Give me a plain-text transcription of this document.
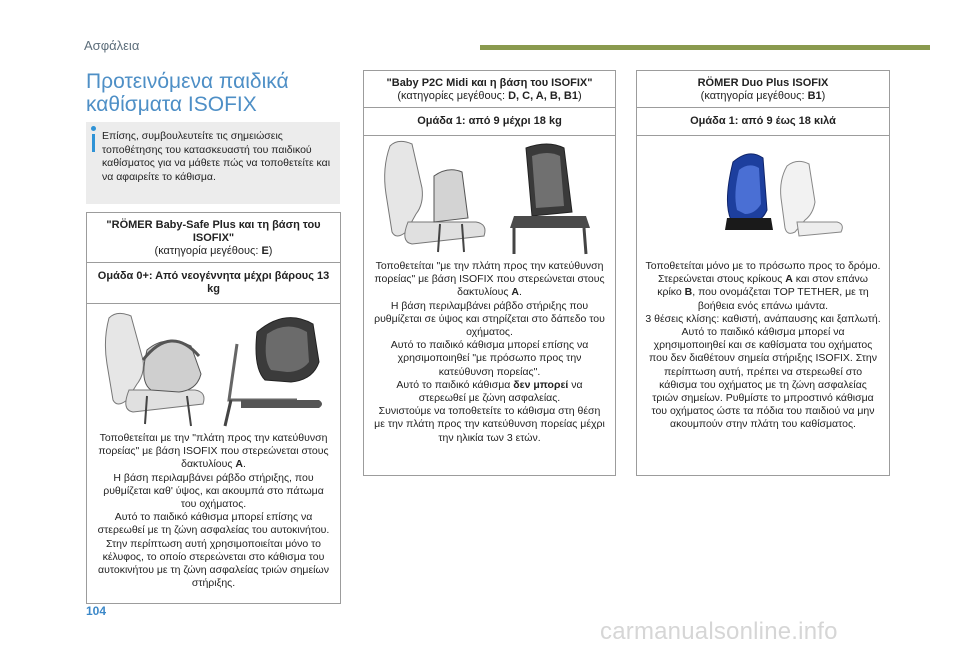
Ασφάλεια
Προτεινόμενα παιδικά
καθίσματα ISOFIX
Επίσης, συμβουλευτείτε τις σημειώσεις τοποθέτησης του κατασκευαστή του παιδικού καθίσματος για να μάθετε πώς να τοποθετείτε και να αφαιρείτε το κάθισμα.
"RÖMER Baby-Safe Plus και τη βάση του ISOFIX"
(κατηγορία μεγέθους: E)
Ομάδα 0+: Από νεογέννητα μέχρι βάρους 13 kg

Τοποθετείται με την "πλάτη προς την κατεύθυνση πορείας" με βάση ISOFIX που στερεώνεται στους δακτυλίους A.

Η βάση περιλαμβάνει ράβδο στήριξης, που ρυθμίζεται καθ' ύψος, και ακουμπά στο πάτωμα του οχήματος.

Αυτό το παιδικό κάθισμα μπορεί επίσης να στερεωθεί με τη ζώνη ασφαλείας του αυτοκινήτου. Στην περίπτωση αυτή χρησιμοποιείται μόνο το κέλυφος, το οποίο στερεώνεται στο κάθισμα του αυτοκινήτου με τη ζώνη ασφαλείας τριών σημείων στήριξης.

"Baby P2C Midi και η βάση του ISOFIX"
(κατηγορίες μεγέθους: D, C, A, B, B1)
Ομάδα 1: από 9 μέχρι 18 kg

Τοποθετείται "με την πλάτη προς την κατεύθυνση πορείας" με βάση ISOFIX που στερεώνεται στους δακτυλίους A.

Η βάση περιλαμβάνει ράβδο στήριξης που ρυθμίζεται σε ύψος και στηρίζεται στο δάπεδο του οχήματος.

Αυτό το παιδικό κάθισμα μπορεί επίσης να χρησιμοποιηθεί "με πρόσωπο προς την κατεύθυνση πορείας".

Αυτό το παιδικό κάθισμα δεν μπορεί να στερεωθεί με ζώνη ασφαλείας.

Συνιστούμε να τοποθετείτε το κάθισμα στη θέση με την πλάτη προς την κατεύθυνση πορείας μέχρι την ηλικία των 3 ετών.

RÖMER Duo Plus ISOFIX
(κατηγορία μεγέθους: B1)
Ομάδα 1: από 9 έως 18 κιλά

Τοποθετείται μόνο με το πρόσωπο προς το δρόμο.

Στερεώνεται στους κρίκους A και στον επάνω κρίκο B, που ονομάζεται TOP TETHER, με τη βοήθεια ενός επάνω ιμάντα.

3 θέσεις κλίσης: καθιστή, ανάπαυσης και ξαπλωτή.

Αυτό το παιδικό κάθισμα μπορεί να χρησιμοποιηθεί και σε καθίσματα του οχήματος που δεν διαθέτουν σημεία στήριξης ISOFIX. Στην περίπτωση αυτή, πρέπει να στερεωθεί στο κάθισμα του οχήματος με τη ζώνη ασφαλείας τριών σημείων. Ρυθμίστε το μπροστινό κάθισμα του οχήματος ώστε τα πόδια του παιδιού να μην ακουμπούν στην πλάτη του καθίσματος.

104
carmanualsonline.info
